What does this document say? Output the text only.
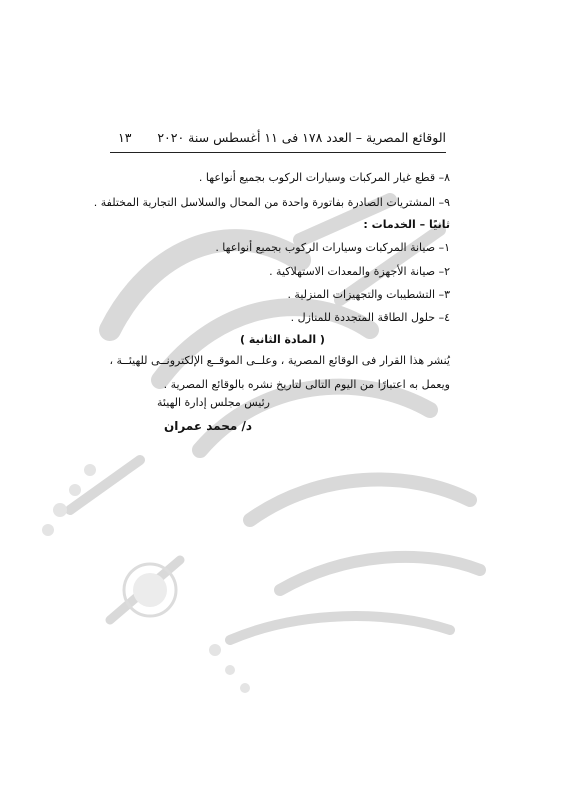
الوقائع المصرية – العدد ١٧٨ فى ١١ أغسطس سنة ٢٠٢٠
١٣
٨– قطع غيار المركبات وسيارات الركوب بجميع أنواعها .
٩– المشتريات الصادرة بفاتورة واحدة من المحال والسلاسل التجارية المختلفة .
ثانيًا – الخدمات :
١– صيانة المركبات وسيارات الركوب بجميع أنواعها .
٢– صيانة الأجهزة والمعدات الاستهلاكية .
٣– التشطيبات والتجهيزات المنزلية .
٤– حلول الطاقة المتجددة للمنازل .
( المادة الثانية )
يُنشر هذا القرار فى الوقائع المصرية ، وعلــى الموقــع الإلكترونــى للهيئــة ،
ويعمل به اعتبارًا من اليوم التالى لتاريخ نشره بالوقائع المصرية .
رئيس مجلس إدارة الهيئة
د/ محمد عمران
